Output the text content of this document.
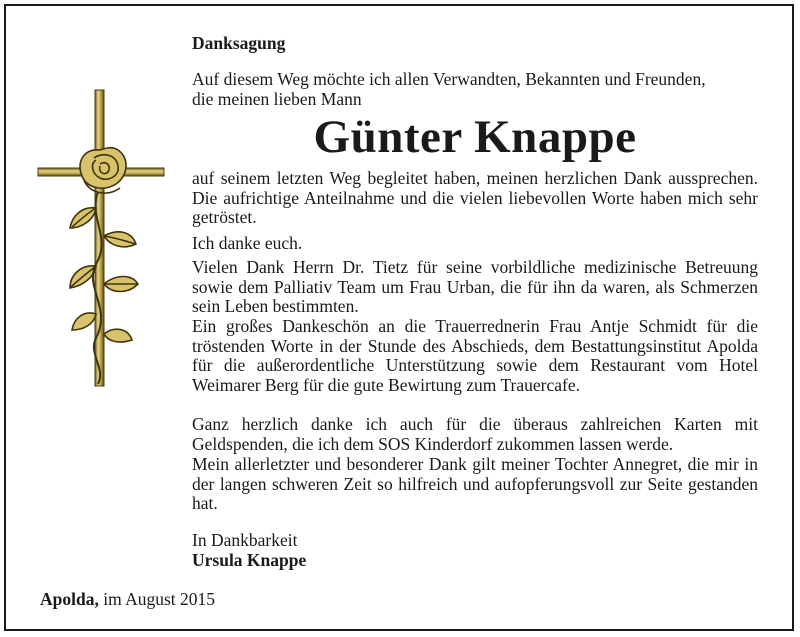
Danksagung
Auf diesem Weg möchte ich allen Verwandten, Bekannten und Freunden,
die meinen lieben Mann
Günter Knappe

auf seinem letzten Weg begleitet haben, meinen herzlichen Dank aussprechen. Die aufrichtige Anteilnahme und die vielen liebevollen Worte haben mich sehr getröstet.

Ich danke euch.

Vielen Dank Herrn Dr. Tietz für seine vorbildliche medizinische Betreuung sowie dem Palliativ Team um Frau Urban, die für ihn da waren, als Schmerzen sein Leben bestimmten.

Ein großes Dankeschön an die Trauerrednerin Frau Antje Schmidt für die tröstenden Worte in der Stunde des Abschieds, dem Bestattungsinstitut Apolda für die außerordentliche Unterstützung sowie dem Restaurant vom Hotel Weimarer Berg für die gute Bewirtung zum Trauercafe.

Ganz herzlich danke ich auch für die überaus zahlreichen Karten mit Geldspenden, die ich dem SOS Kinderdorf zukommen lassen werde.

Mein allerletzter und besonderer Dank gilt meiner Tochter Annegret, die mir in der langen schweren Zeit so hilfreich und aufopferungsvoll zur Seite gestanden hat.

In Dankbarkeit
Ursula Knappe
Apolda, im August 2015
